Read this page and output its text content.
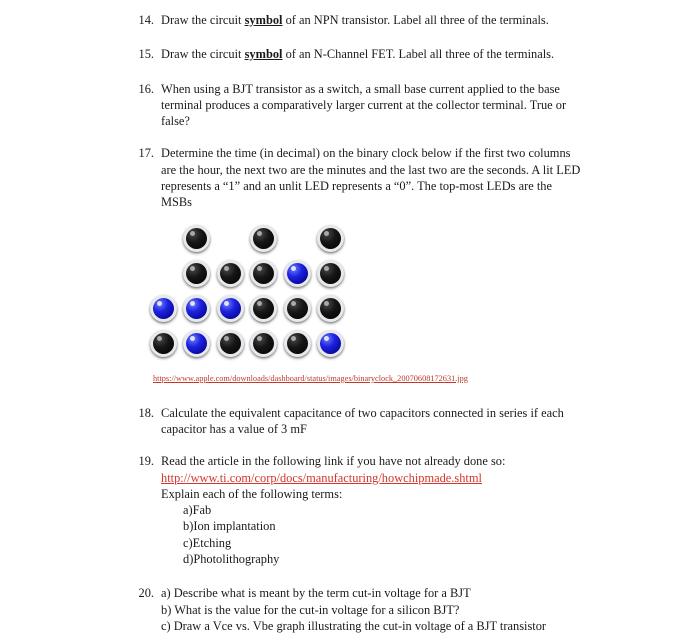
14. Draw the circuit symbol of an NPN transistor. Label all three of the terminals.
15. Draw the circuit symbol of an N-Channel FET. Label all three of the terminals.
16. When using a BJT transistor as a switch, a small base current applied to the base terminal produces a comparatively larger current at the collector terminal. True or false?
17. Determine the time (in decimal) on the binary clock below if the first two columns are the hour, the next two are the minutes and the last two are the seconds. A lit LED represents a “1” and an unlit LED represents a “0”. The top-most LEDs are the MSBs
https://www.apple.com/downloads/dashboard/status/images/binaryclock_20070608172631.jpg
18. Calculate the equivalent capacitance of two capacitors connected in series if each capacitor has a value of 3 mF
19. Read the article in the following link if you have not already done so:
http://www.ti.com/corp/docs/manufacturing/howchipmade.shtml
Explain each of the following terms:
a) Fab
b) Ion implantation
c) Etching
d) Photolithography
20. a) Describe what is meant by the term cut-in voltage for a BJT
b) What is the value for the cut-in voltage for a silicon BJT?
c) Draw a Vce vs. Vbe graph illustrating the cut-in voltage of a BJT transistor
